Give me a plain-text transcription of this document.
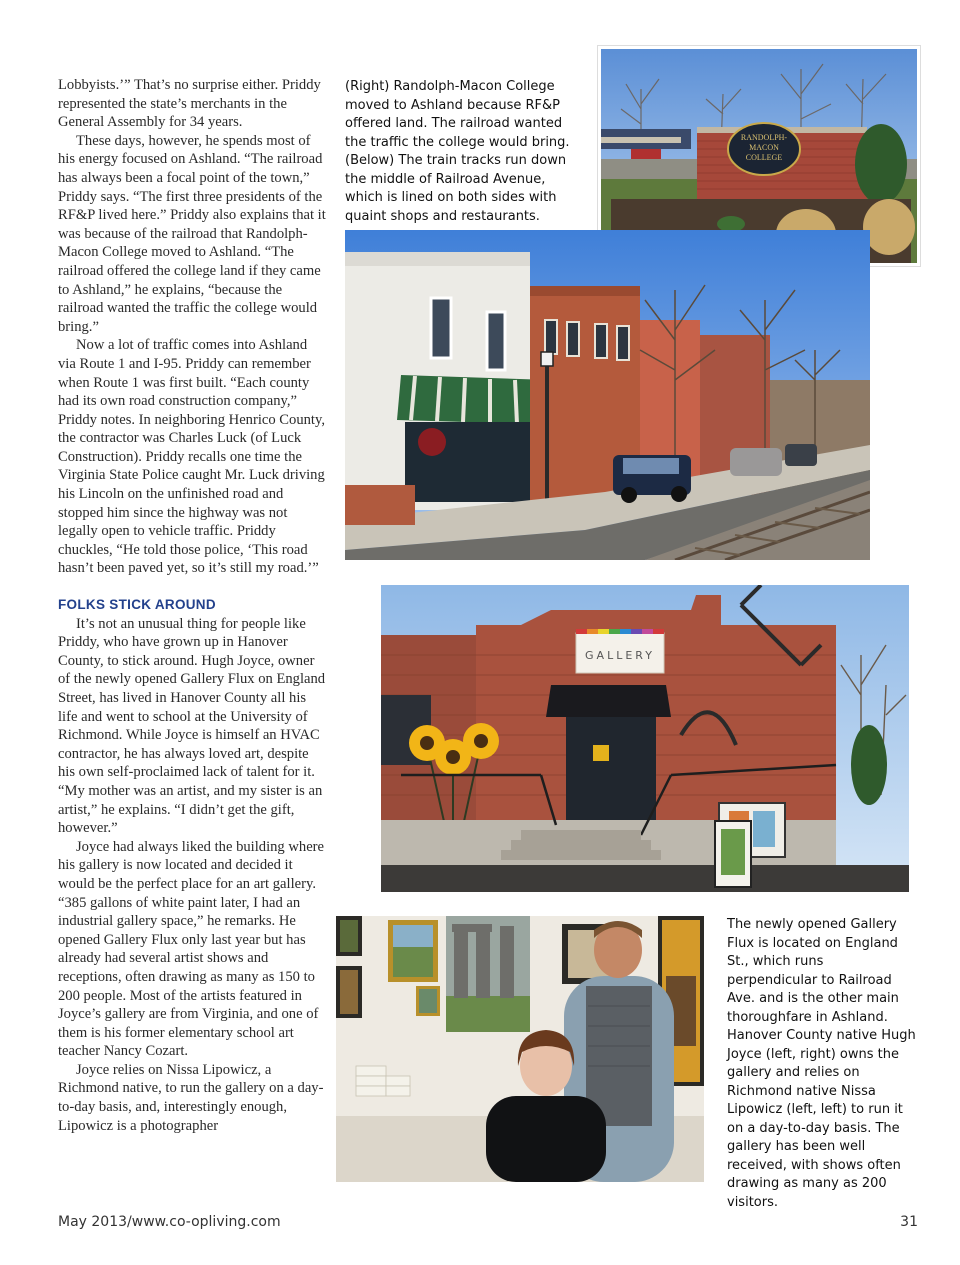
Lobbyists.’” That’s no surprise either. Priddy represented the state’s merchants in the General Assembly for 34 years.

These days, however, he spends most of his energy focused on Ashland. “The railroad has always been a focal point of the town,” Priddy says. “The first three presidents of the RF&P lived here.” Priddy also explains that it was because of the railroad that Randolph-Macon College moved to Ashland. “The railroad offered the college land if they came to Ashland,” he explains, “because the railroad wanted the traffic the college would bring.”

Now a lot of traffic comes into Ashland via Route 1 and I-95. Priddy can remember when Route 1 was first built. “Each county had its own road construction company,” Priddy notes. In neighboring Henrico County, the contractor was Charles Luck (of Luck Construction). Priddy recalls one time the Virginia State Police caught Mr. Luck driving his Lincoln on the unfinished road and stopped him since the highway was not legally open to vehicle traffic. Priddy chuckles, “He told those police, ‘This road hasn’t been paved yet, so it’s still my road.’”

FOLKS STICK AROUND

It’s not an unusual thing for people like Priddy, who have grown up in Hanover County, to stick around. Hugh Joyce, owner of the newly opened Gallery Flux on England Street, has lived in Hanover County all his life and went to school at the University of Richmond. While Joyce is himself an HVAC contractor, he has always loved art, despite his own self-proclaimed lack of talent for it. “My mother was an artist, and my sister is an artist,” he explains. “I didn’t get the gift, however.”

Joyce had always liked the building where his gallery is now located and decided it would be the perfect place for an art gallery. “385 gallons of white paint later, I had an industrial gallery space,” he remarks. He opened Gallery Flux only last year but has already had several artist shows and receptions, often drawing as many as 150 to 200 people. Most of the artists featured in Joyce’s gallery are from Virginia, and one of them is his former elementary school art teacher Nancy Cozart.

Joyce relies on Nissa Lipowicz, a Richmond native, to run the gallery on a day-to-day basis, and, interestingly enough, Lipowicz is a photographer

(Right) Randolph-Macon College moved to Ashland because RF&P offered land. The railroad wanted the traffic the college would bring. (Below) The train tracks run down the middle of Railroad Avenue, which is lined on both sides with quaint shops and restaurants.
RANDOLPH-
MACON
COLLEGE
GALLERY
The newly opened Gallery Flux is located on England St., which runs perpendicular to Railroad Ave. and is the other main thoroughfare in Ashland. Hanover County native Hugh Joyce (left, right) owns the gallery and relies on Richmond native Nissa Lipowicz (left, left) to run it on a day-to-day basis. The gallery has been well received, with shows often drawing as many as 200 visitors.
May 2013/www.co-opliving.com	31
